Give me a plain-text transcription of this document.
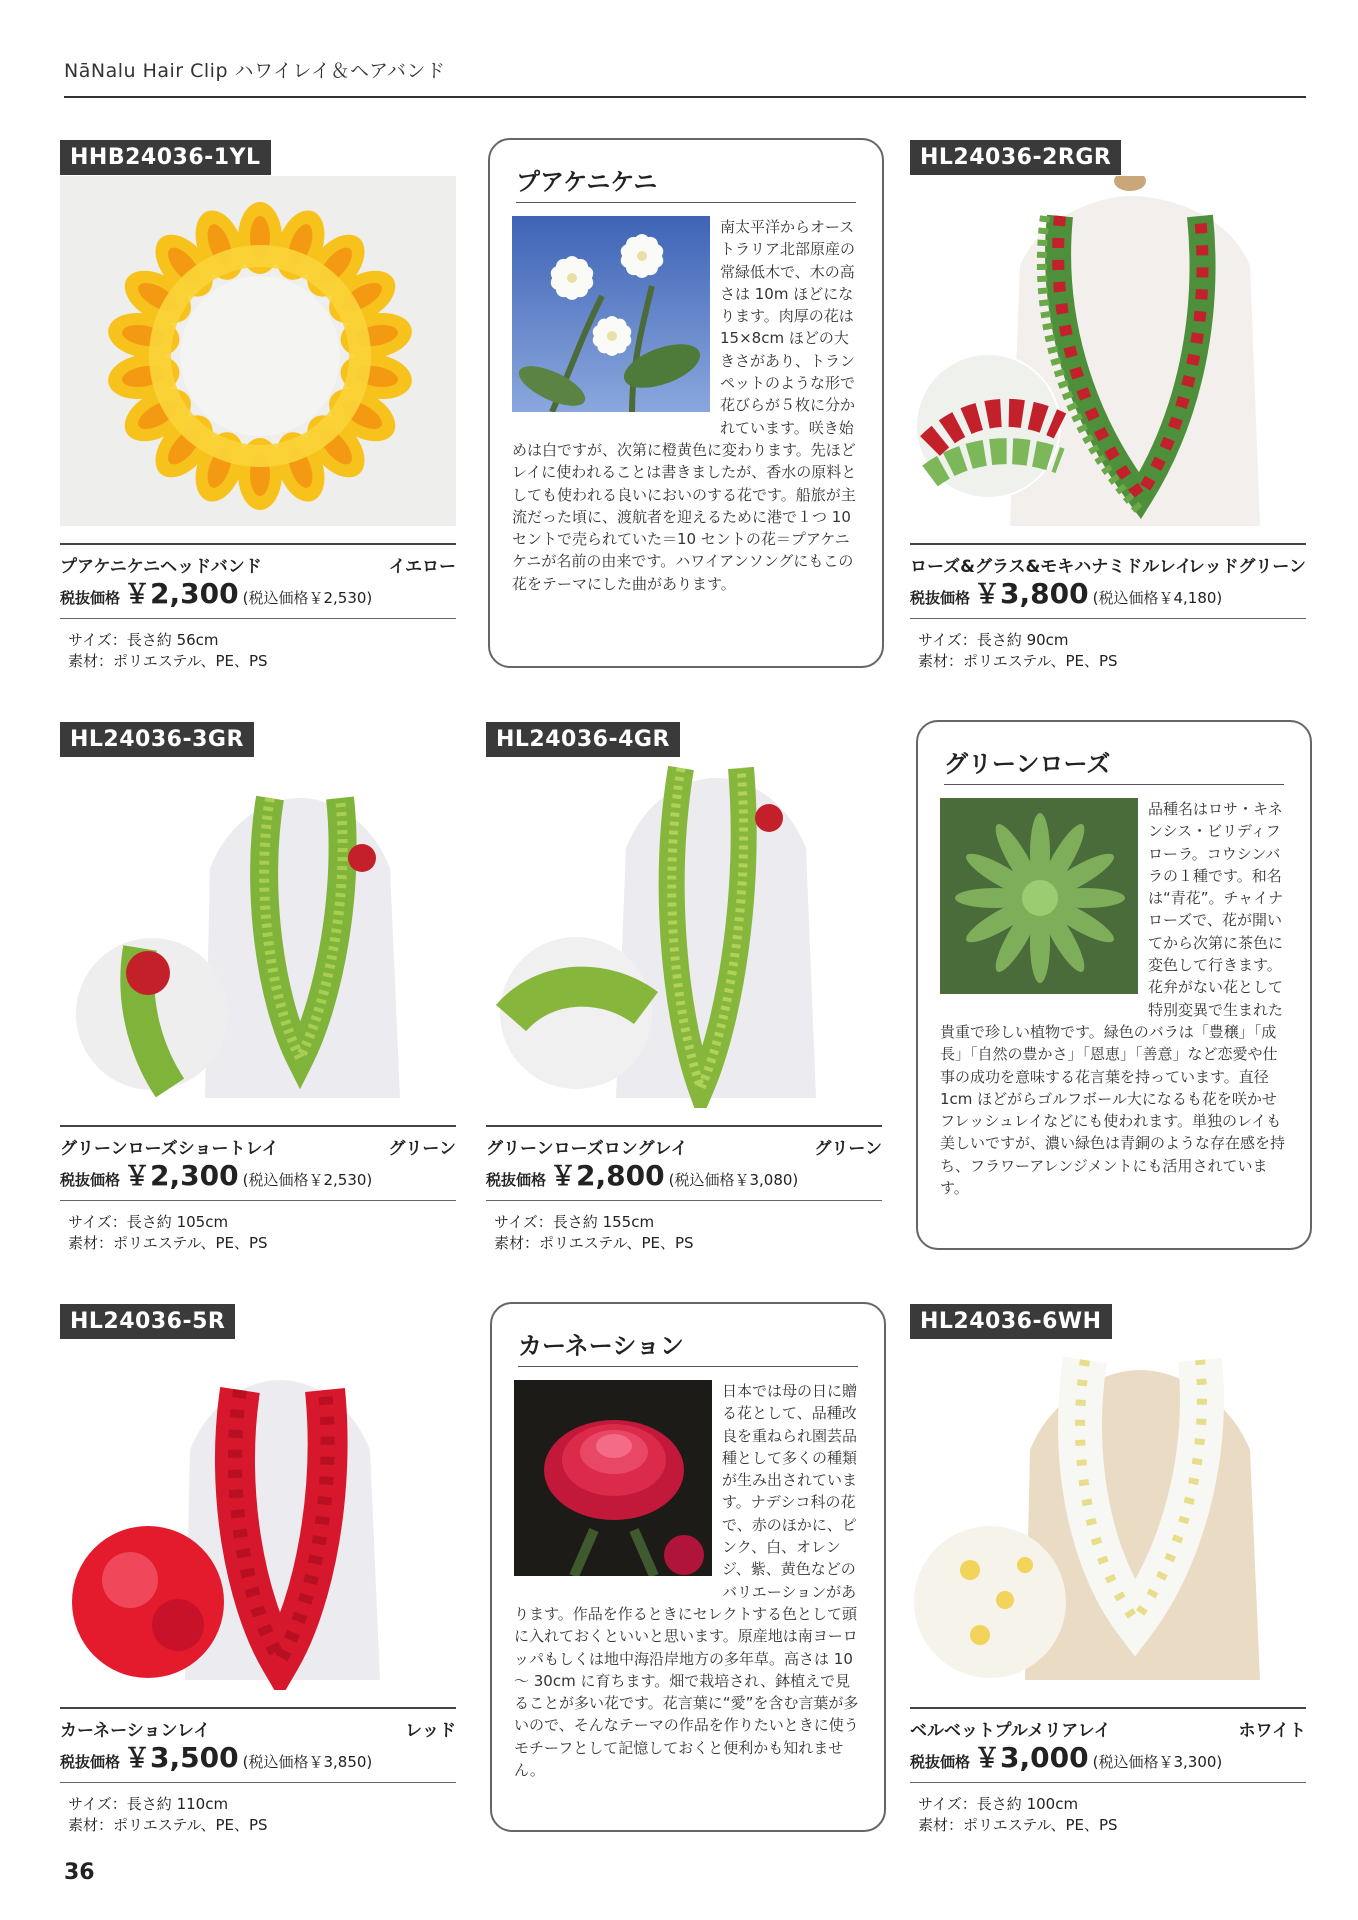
NāNalu Hair Clip ハワイレイ＆ヘアバンド
HHB24036-1YL
プアケニケニヘッドバンド	イエロー
税抜価格 ￥2,300 (税込価格￥2,530)
サイズ：長さ約 56cm
素材：ポリエステル、PE、PS
プアケニケニ
南太平洋からオーストラリア北部原産の常緑低木で、木の高さは 10m ほどになります。肉厚の花は 15×8cm ほどの大きさがあり、トランペットのような形で花びらが５枚に分かれています。咲き始めは白ですが、次第に橙黄色に変わります。先ほどレイに使われることは書きましたが、香水の原料としても使われる良いにおいのする花です。船旅が主流だった頃に、渡航者を迎えるために港で１つ 10 セントで売られていた＝10 セントの花＝プアケニケニが名前の由来です。ハワイアンソングにもこの花をテーマにした曲があります。
HL24036-2RGR
ローズ&グラス&モキハナミドルレイ
レッドグリーン
税抜価格 ￥3,800 (税込価格￥4,180)
サイズ：長さ約 90cm
素材：ポリエステル、PE、PS
HL24036-3GR
グリーンローズショートレイ	グリーン
税抜価格 ￥2,300 (税込価格￥2,530)
サイズ：長さ約 105cm
素材：ポリエステル、PE、PS
HL24036-4GR
グリーンローズロングレイ	グリーン
税抜価格 ￥2,800 (税込価格￥3,080)
サイズ：長さ約 155cm
素材：ポリエステル、PE、PS
グリーンローズ
品種名はロサ・キネンシス・ビリディフローラ。コウシンバラの１種です。和名は“青花”。チャイナローズで、花が開いてから次第に茶色に変色して行きます。花弁がない花として特別変異で生まれた貴重で珍しい植物です。緑色のバラは「豊穣」「成長」「自然の豊かさ」「恩恵」「善意」など恋愛や仕事の成功を意味する花言葉を持っています。直径 1cm ほどがらゴルフボール大になるも花を咲かせフレッシュレイなどにも使われます。単独のレイも美しいですが、濃い緑色は青銅のような存在感を持ち、フラワーアレンジメントにも活用されています。
HL24036-5R
カーネーションレイ	レッド
税抜価格 ￥3,500 (税込価格￥3,850)
サイズ：長さ約 110cm
素材：ポリエステル、PE、PS
カーネーション
日本では母の日に贈る花として、品種改良を重ねられ園芸品種として多くの種類が生み出されています。ナデシコ科の花で、赤のほかに、ピンク、白、オレンジ、紫、黄色などのバリエーションがあります。作品を作るときにセレクトする色として頭に入れておくといいと思います。原産地は南ヨーロッパもしくは地中海沿岸地方の多年草。高さは 10 ～ 30cm に育ちます。畑で栽培され、鉢植えで見ることが多い花です。花言葉に“愛”を含む言葉が多いので、そんなテーマの作品を作りたいときに使うモチーフとして記憶しておくと便利かも知れません。
HL24036-6WH
ベルベットプルメリアレイ	ホワイト
税抜価格 ￥3,000 (税込価格￥3,300)
サイズ：長さ約 100cm
素材：ポリエステル、PE、PS
36
